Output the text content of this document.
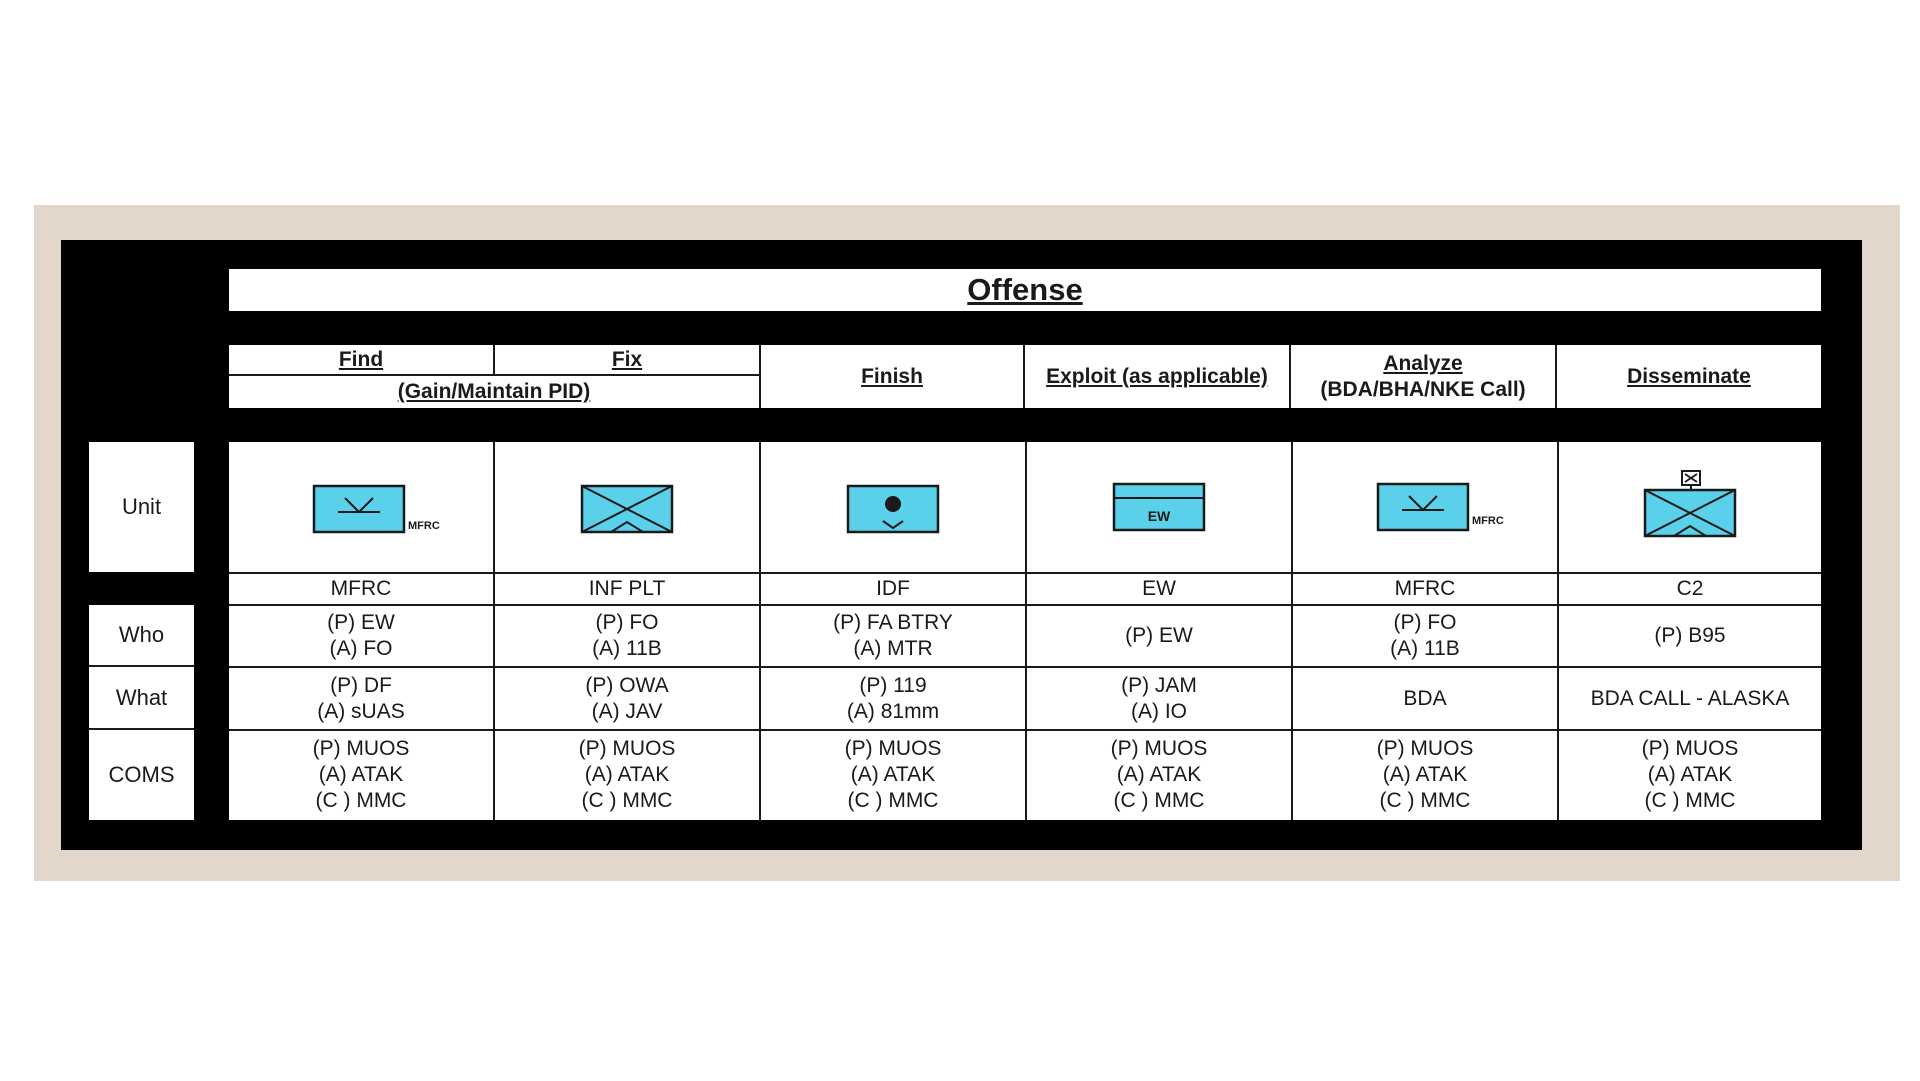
Offense
Find	Fix
(Gain/Maintain PID)
Finish	Exploit (as applicable)
Analyze
(BDA/BHA/NKE Call)
Disseminate
Unit
Who
What
COMS
MFRC
MFRC
(P) EW
(A) FO
(P) DF
(A) sUAS
(P) MUOS
(A) ATAK
(C ) MMC
INF PLT
(P) FO
(A) 11B
(P) OWA
(A) JAV
(P) MUOS
(A) ATAK
(C ) MMC
IDF
(P) FA BTRY
(A) MTR
(P) 119
(A) 81mm
(P) MUOS
(A) ATAK
(C ) MMC
EW
EW
(P) EW
(P) JAM
(A) IO
(P) MUOS
(A) ATAK
(C ) MMC
MFRC
MFRC
(P) FO
(A) 11B
BDA
(P) MUOS
(A) ATAK
(C ) MMC
C2
(P) B95
BDA CALL - ALASKA
(P) MUOS
(A) ATAK
(C ) MMC
